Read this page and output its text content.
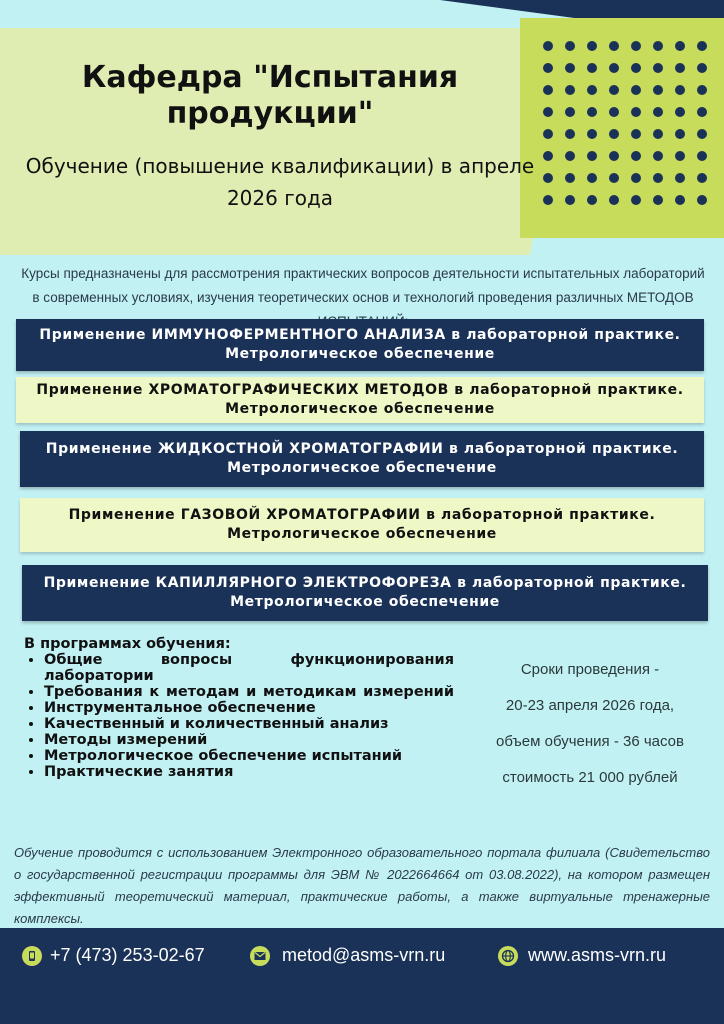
Кафедра "Испытания продукции"
Обучение (повышение квалификации) в апреле 2026 года
Курсы предназначены для рассмотрения практических вопросов деятельности испытательных лабораторий в современных условиях, изучения теоретических основ и технологий проведения различных МЕТОДОВ
Применение ИММУНОФЕРМЕНТНОГО АНАЛИЗА в лабораторной практике. Метрологическое обеспечение
Применение ХРОМАТОГРАФИЧЕСКИХ МЕТОДОВ в лабораторной практике. Метрологическое обеспечение
Применение ЖИДКОСТНОЙ ХРОМАТОГРАФИИ в лабораторной практике. Метрологическое обеспечение
Применение ГАЗОВОЙ ХРОМАТОГРАФИИ в лабораторной практике. Метрологическое обеспечение
Применение КАПИЛЛЯРНОГО ЭЛЕКТРОФОРЕЗА в лабораторной практике. Метрологическое обеспечение
В программах обучения:
• Общие вопросы функционирования лаборатории
• Требования к методам и методикам измерений
• Инструментальное обеспечение
• Качественный и количественный анализ
• Методы измерений
• Метрологическое обеспечение испытаний
• Практические занятия
Сроки проведения -
20-23 апреля 2026 года,
объем обучения - 36 часов
стоимость 21 000 рублей
Обучение проводится с использованием Электронного образовательного портала филиала (Свидетельство о государственной регистрации программы для ЭВМ № 2022664664 от 03.08.2022), на котором размещен эффективный теоретический материал, практические работы, а также виртуальные тренажерные комплексы.
+7 (473) 253-02-67	metod@asms-vrn.ru	www.asms-vrn.ru
